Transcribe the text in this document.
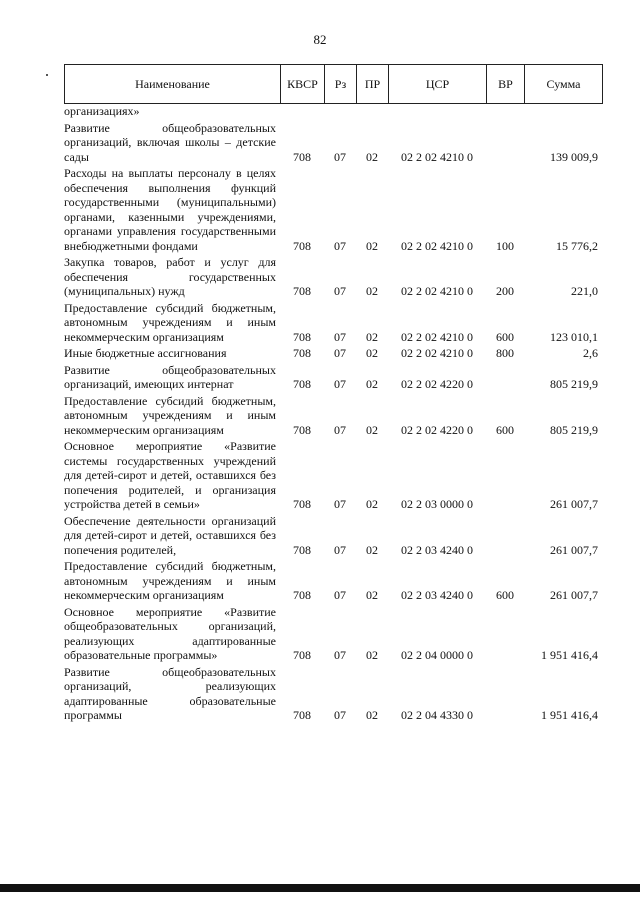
82
Наименование	КВСР	Рз	ПР	ЦСР	ВР	Сумма
организациях»						
Развитие общеобразовательных организаций, включая школы – детские сады	708	07	02	02 2 02 4210 0		139 009,9
Расходы на выплаты персоналу в целях обеспечения выполнения функций государственными (муниципальными) органами, казенными учреждениями, органами управления государственными внебюджетными фондами	708	07	02	02 2 02 4210 0	100	15 776,2
Закупка товаров, работ и услуг для обеспечения государственных (муниципальных) нужд	708	07	02	02 2 02 4210 0	200	221,0
Предоставление субсидий бюджетным, автономным учреждениям и иным некоммерческим организациям	708	07	02	02 2 02 4210 0	600	123 010,1
Иные бюджетные ассигнования	708	07	02	02 2 02 4210 0	800	2,6
Развитие общеобразовательных организаций, имеющих интернат	708	07	02	02 2 02 4220 0		805 219,9
Предоставление субсидий бюджетным, автономным учреждениям и иным некоммерческим организациям	708	07	02	02 2 02 4220 0	600	805 219,9
Основное мероприятие «Развитие системы государственных учреждений для детей-сирот и детей, оставшихся без попечения родителей, и организация устройства детей в семьи»	708	07	02	02 2 03 0000 0		261 007,7
Обеспечение деятельности организаций для детей-сирот и детей, оставшихся без попечения родителей,	708	07	02	02 2 03 4240 0		261 007,7
Предоставление субсидий бюджетным, автономным учреждениям и иным некоммерческим организациям	708	07	02	02 2 03 4240 0	600	261 007,7
Основное мероприятие «Развитие общеобразовательных организаций, реализующих адаптированные образовательные программы»	708	07	02	02 2 04 0000 0		1 951 416,4
Развитие общеобразовательных организаций, реализующих адаптированные образовательные программы	708	07	02	02 2 04 4330 0		1 951 416,4
